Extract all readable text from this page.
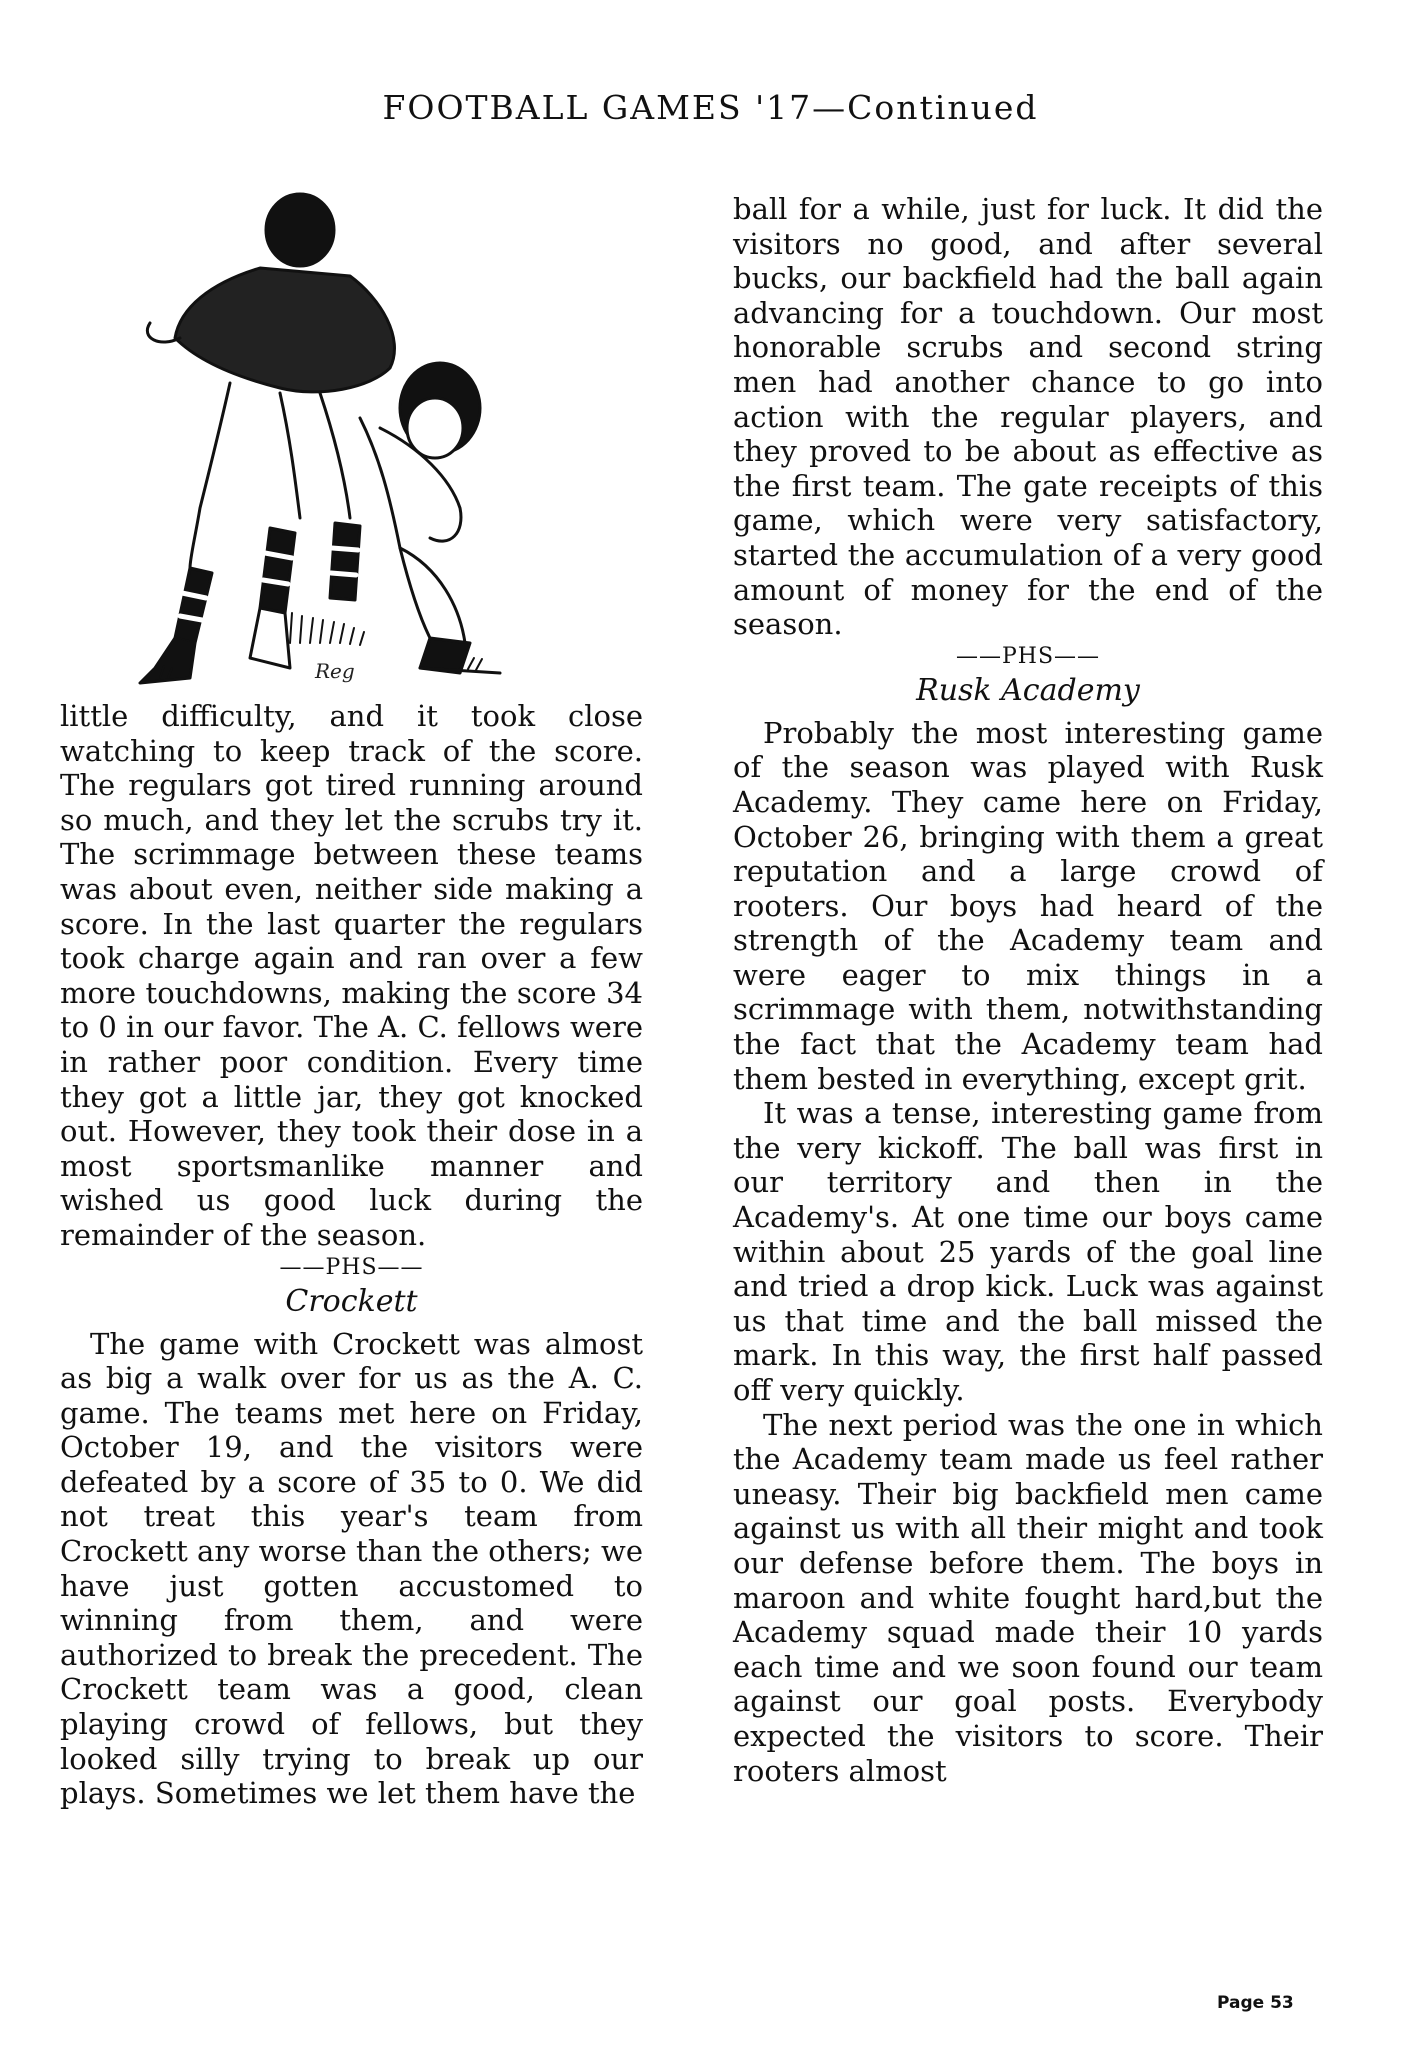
FOOTBALL GAMES '17—Continued
Reg

little difficulty, and it took close watching to keep track of the score. The regulars got tired running around so much, and they let the scrubs try it. The scrimmage between these teams was about even, neither side making a score. In the last quarter the regulars took charge again and ran over a few more touchdowns, making the score 34 to 0 in our favor. The A. C. fellows were in rather poor condition. Every time they got a little jar, they got knocked out. However, they took their dose in a most sportsmanlike manner and wished us good luck during the remainder of the season.

——PHS——
Crockett

The game with Crockett was almost as big a walk over for us as the A. C. game. The teams met here on Friday, October 19, and the visitors were defeated by a score of 35 to 0. We did not treat this year's team from Crockett any worse than the others; we have just gotten accustomed to winning from them, and were authorized to break the precedent. The Crockett team was a good, clean playing crowd of fellows, but they looked silly trying to break up our plays. Sometimes we let them have the

ball for a while, just for luck. It did the visitors no good, and after several bucks, our backfield had the ball again advancing for a touchdown. Our most honorable scrubs and second string men had another chance to go into action with the regular players, and they proved to be about as effective as the first team. The gate receipts of this game, which were very satisfactory, started the accumulation of a very good amount of money for the end of the season.

——PHS——
Rusk Academy

Probably the most interesting game of the season was played with Rusk Academy. They came here on Friday, October 26, bringing with them a great reputation and a large crowd of rooters. Our boys had heard of the strength of the Academy team and were eager to mix things in a scrimmage with them, notwithstanding the fact that the Academy team had them bested in everything, except grit.

It was a tense, interesting game from the very kickoff. The ball was first in our territory and then in the Academy's. At one time our boys came within about 25 yards of the goal line and tried a drop kick. Luck was against us that time and the ball missed the mark. In this way, the first half passed off very quickly.

The next period was the one in which the Academy team made us feel rather uneasy. Their big backfield men came against us with all their might and took our defense before them. The boys in maroon and white fought hard,but the Academy squad made their 10 yards each time and we soon found our team against our goal posts. Everybody expected the visitors to score. Their rooters almost

Page 53
